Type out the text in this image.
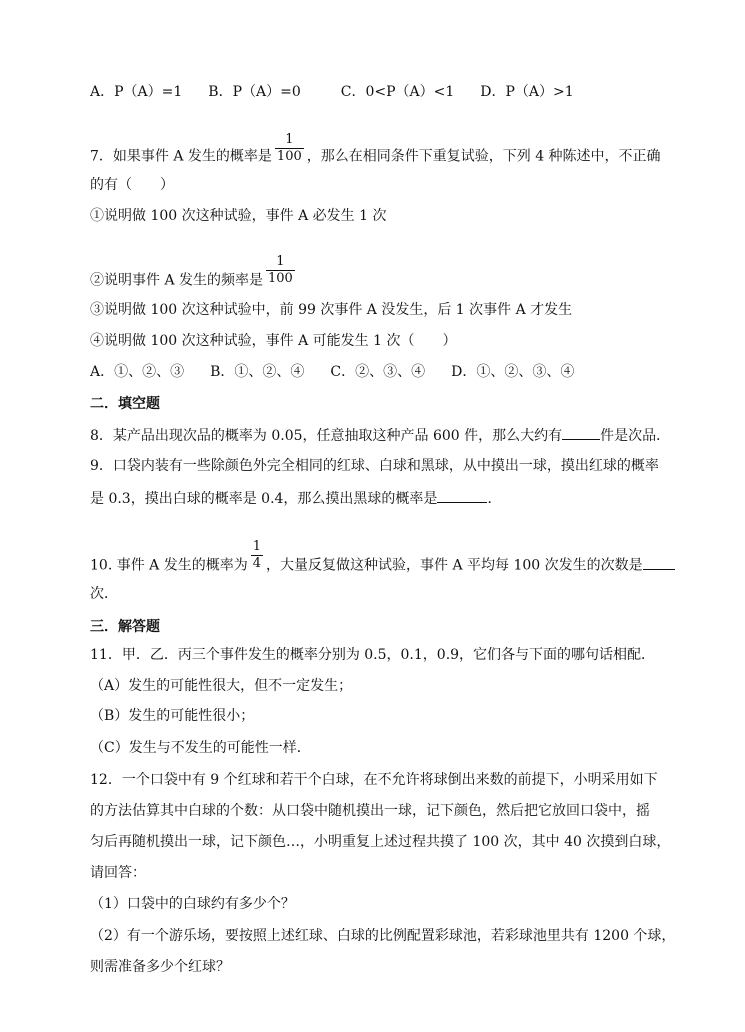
A．P（A）=1 B．P（A）=0	C．0<P（A）<1 D．P（A）>1
7．如果事件 A 发生的概率是 $\frac{1}{100}$ ，那么在相同条件下重复试验，下列 4 种陈述中，不正确
的有（　　）
①说明做 100 次这种试验，事件 A 必发生 1 次
②说明事件 A 发生的频率是 $\frac{1}{100}$
③说明做 100 次这种试验中，前 99 次事件 A 没发生，后 1 次事件 A 才发生
④说明做 100 次这种试验，事件 A 可能发生 1 次（　　）
A．①、②、③ B．①、②、④ C．②、③、④ D．①、②、③、④
二．填空题
8．某产品出现次品的概率为 0.05，任意抽取这种产品 600 件，那么大约有	件是次品．
9．口袋内装有一些除颜色外完全相同的红球、白球和黑球，从中摸出一球，摸出红球的概率
是 0.3，摸出白球的概率是 0.4，那么摸出黑球的概率是	．
10. 事件 A 发生的概率为 $\frac{1}{4}$ ，大量反复做这种试验，事件 A 平均每 100 次发生的次数是
次．
三．解答题
11．甲．乙．丙三个事件发生的概率分别为 0.5，0.1，0.9，它们各与下面的哪句话相配．
（A）发生的可能性很大，但不一定发生；
（B）发生的可能性很小；
（C）发生与不发生的可能性一样．
12．一个口袋中有 9 个红球和若干个白球，在不允许将球倒出来数的前提下，小明采用如下
的方法估算其中白球的个数：从口袋中随机摸出一球，记下颜色，然后把它放回口袋中，摇
匀后再随机摸出一球，记下颜色…，小明重复上述过程共摸了 100 次，其中 40 次摸到白球，
请回答：
（1）口袋中的白球约有多少个？
（2）有一个游乐场，要按照上述红球、白球的比例配置彩球池，若彩球池里共有 1200 个球，
则需准备多少个红球？
